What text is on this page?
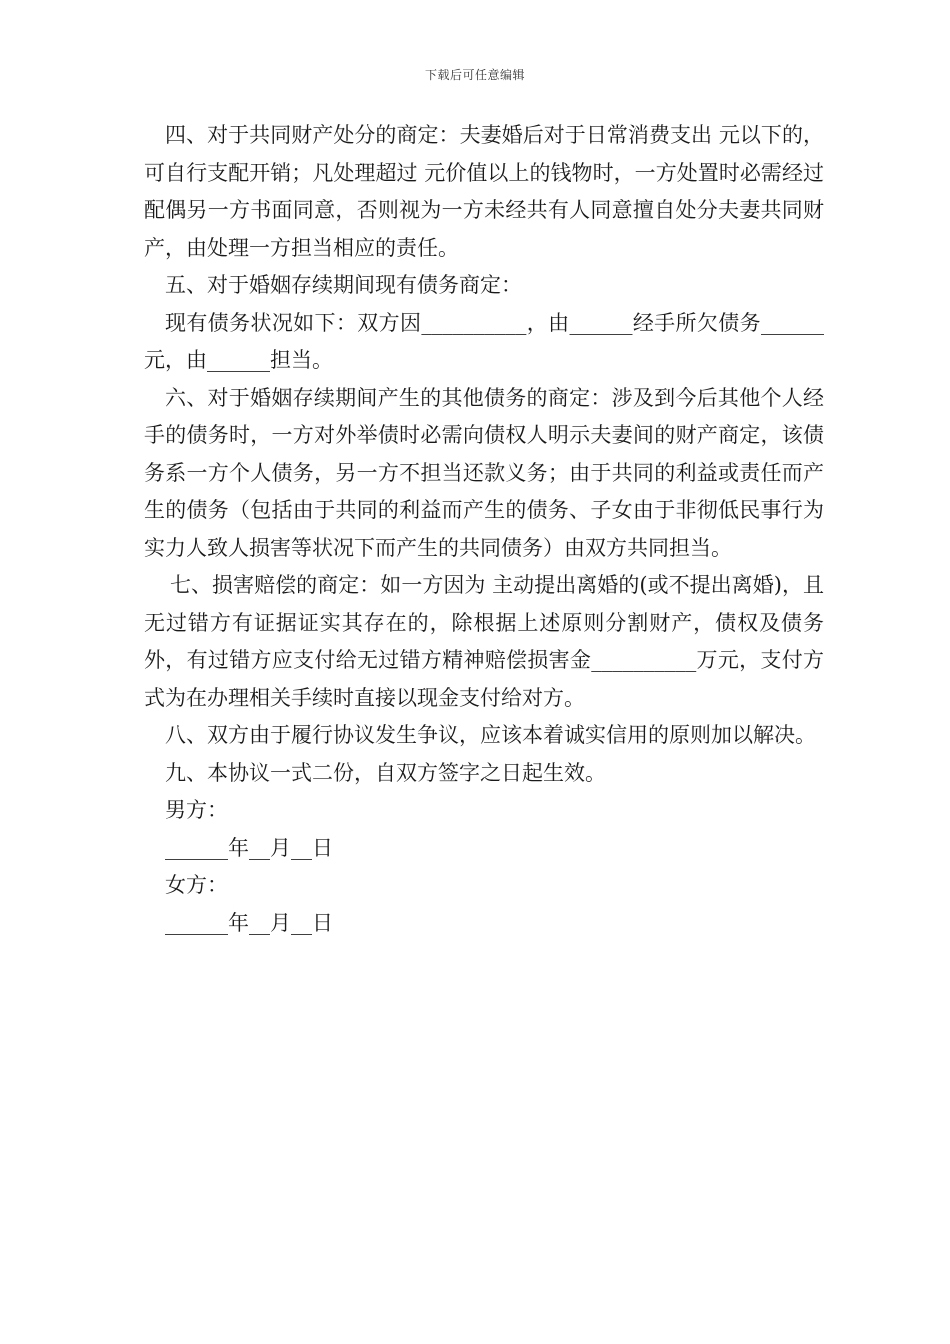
下载后可任意编辑

四、对于共同财产处分的商定：夫妻婚后对于日常消费支出 元以下的，可自行支配开销；凡处理超过 元价值以上的钱物时，一方处置时必需经过配偶另一方书面同意，否则视为一方未经共有人同意擅自处分夫妻共同财产，由处理一方担当相应的责任。

五、对于婚姻存续期间现有债务商定：

现有债务状况如下：双方因__________，由______经手所欠债务______元，由______担当。

六、对于婚姻存续期间产生的其他债务的商定：涉及到今后其他个人经手的债务时，一方对外举债时必需向债权人明示夫妻间的财产商定，该债务系一方个人债务，另一方不担当还款义务；由于共同的利益或责任而产生的债务（包括由于共同的利益而产生的债务、子女由于非彻低民事行为实力人致人损害等状况下而产生的共同债务）由双方共同担当。

七、损害赔偿的商定：如一方因为 主动提出离婚的(或不提出离婚)，且无过错方有证据证实其存在的，除根据上述原则分割财产，债权及债务外，有过错方应支付给无过错方精神赔偿损害金__________万元，支付方式为在办理相关手续时直接以现金支付给对方。

八、双方由于履行协议发生争议，应该本着诚实信用的原则加以解决。

九、本协议一式二份，自双方签字之日起生效。

男方：

______年__月__日

女方：

______年__月__日
